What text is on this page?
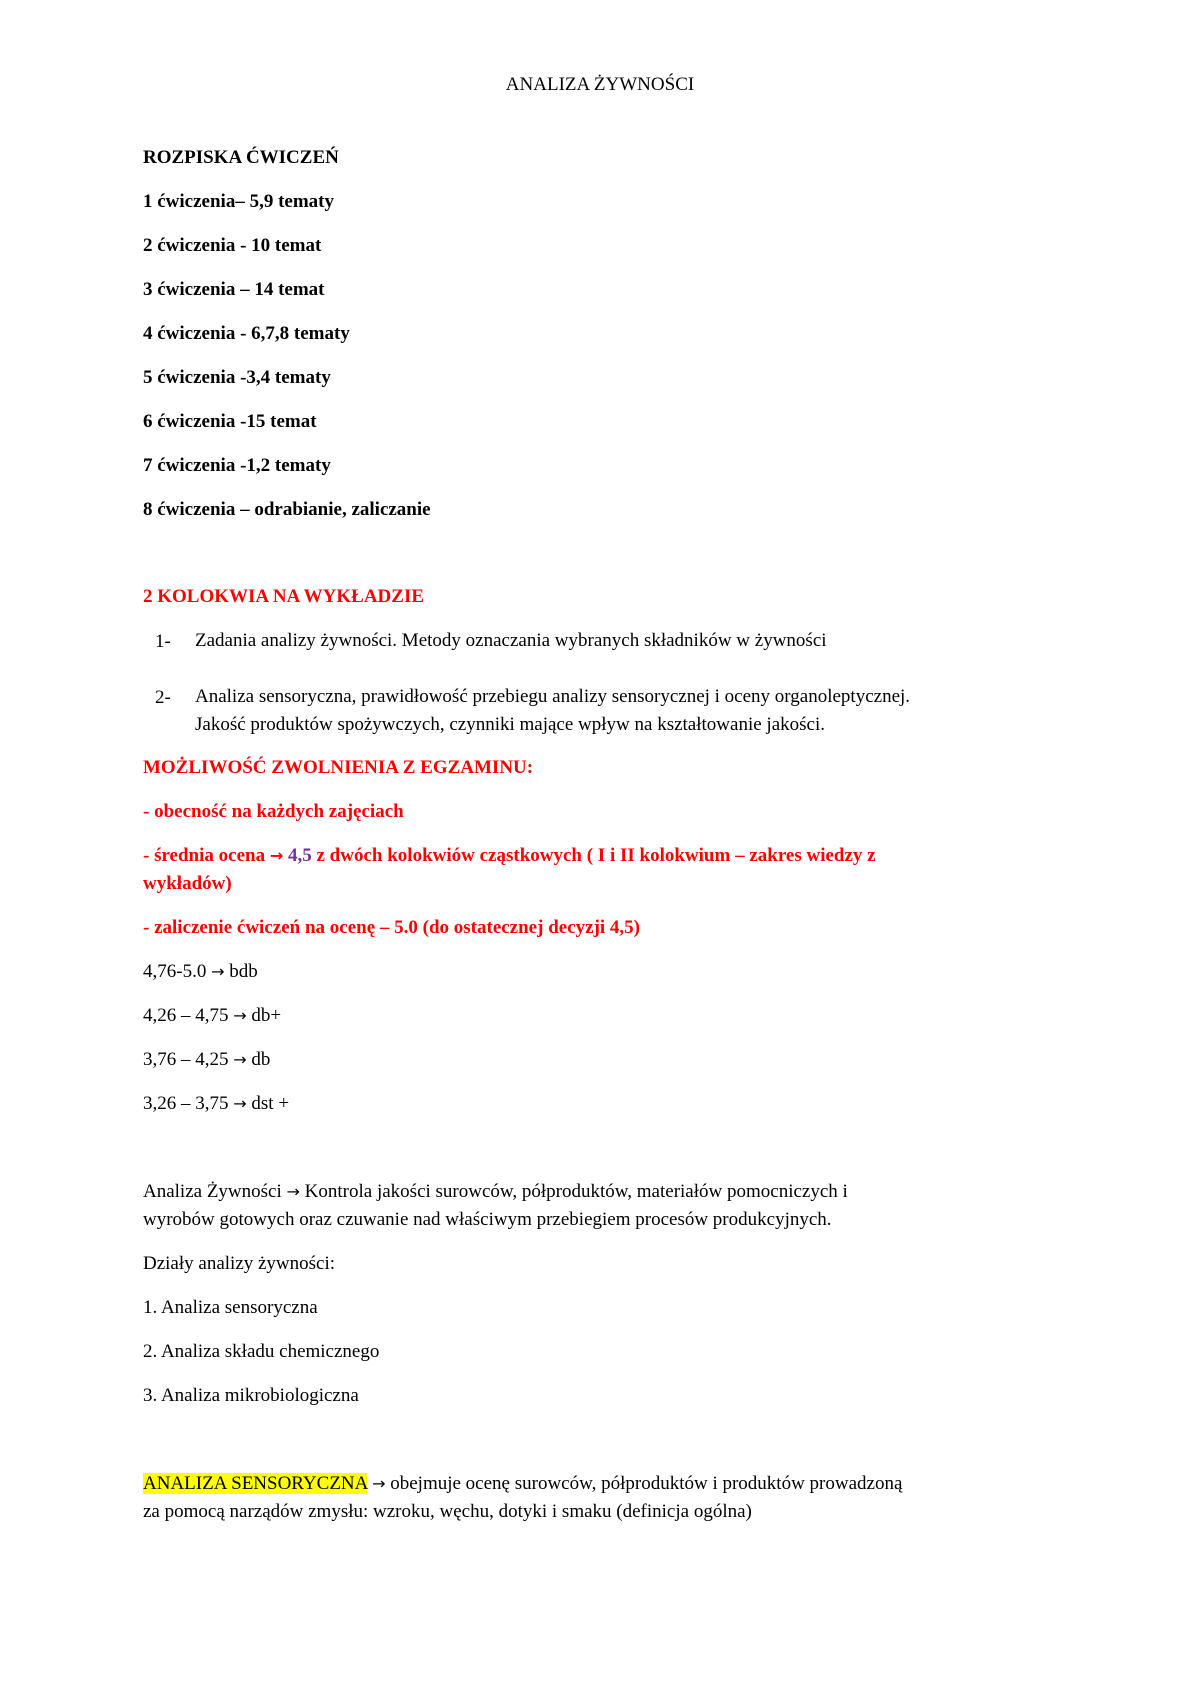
ANALIZA ŻYWNOŚCI
ROZPISKA ĆWICZEŃ
1 ćwiczenia– 5,9 tematy
2 ćwiczenia - 10 temat
3 ćwiczenia – 14 temat
4 ćwiczenia - 6,7,8 tematy
5 ćwiczenia -3,4 tematy
6 ćwiczenia -15 temat
7 ćwiczenia -1,2 tematy
8 ćwiczenia – odrabianie, zaliczanie
2 KOLOKWIA NA WYKŁADZIE
1- Zadania analizy żywności. Metody oznaczania wybranych składników w żywności
2- Analiza sensoryczna, prawidłowość przebiegu analizy sensorycznej i oceny organoleptycznej.
Jakość produktów spożywczych, czynniki mające wpływ na kształtowanie jakości.
MOŻLIWOŚĆ ZWOLNIENIA Z EGZAMINU:
- obecność na każdych zajęciach
- średnia ocena → 4,5 z dwóch kolokwiów cząstkowych ( I i II kolokwium – zakres wiedzy z
wykładów)
- zaliczenie ćwiczeń na ocenę – 5.0 (do ostatecznej decyzji 4,5)
4,76-5.0 → bdb
4,26 – 4,75 → db+
3,76 – 4,25 → db
3,26 – 3,75 → dst +
Analiza Żywności → Kontrola jakości surowców, półproduktów, materiałów pomocniczych i
wyrobów gotowych oraz czuwanie nad właściwym przebiegiem procesów produkcyjnych.
Działy analizy żywności:
1. Analiza sensoryczna
2. Analiza składu chemicznego
3. Analiza mikrobiologiczna
ANALIZA SENSORYCZNA → obejmuje ocenę surowców, półproduktów i produktów prowadzoną
za pomocą narządów zmysłu: wzroku, węchu, dotyki i smaku (definicja ogólna)
